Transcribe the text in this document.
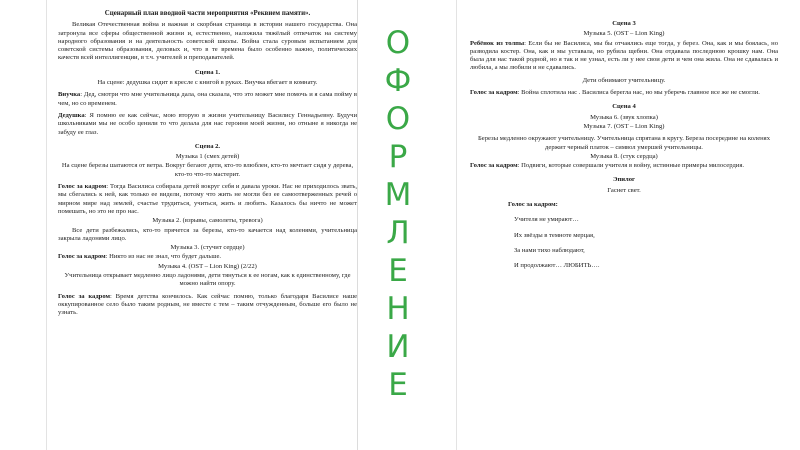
Сценарный план вводной части мероприятия «Реквием памяти».

Великая Отечественная война и важная и скорбная страница в истории нашего государства. Она затронула все сферы общественной жизни и, естественно, наложила тяжёлый отпечаток на систему народного образования и на деятельность советской школы. Война стала суровым испытанием для советской системы образования, деловых и, что в те времена было особенно важно, политических качеств всей интеллигенции, в т.ч. учителей и преподавателей.

Сцена 1.

На сцене: дедушка сидит в кресле с книгой в руках. Внучка вбегает в комнату.

Внучка: Дед, смотри что мне учительница дала, она сказала, что это может мне помочь и я сама пойму в чем, но со временем.

Дедушка: Я помню ее как сейчас, мою вторую в жизни учительницу Василису Геннадьевну. Будучи школьниками мы не особо ценили то что делала для нас героиня моей жизни, но отныне я никогда не забуду ее глаз.

Сцена 2.

Музыка 1 (смех детей)

На сцене березы шатаются от ветра. Вокруг бегают дети, кто-то влюблен, кто-то мечтает сидя у дерева, кто-то что-то мастерит.

Голос за кадром: Тогда Василиса собирала детей вокруг себя и давала уроки. Нас не приходилось звать, мы сбегались к ней, как только ее видели, потому что жить не могли без ее самоотверженных речей о мирном мире над землей, счастье трудиться, учиться, жить и любить. Казалось бы ничто не может помешать, но это не про нас.

Музыка 2. (взрывы, самолеты, тревога)

Все дети разбежались, кто-то прячется за березы, кто-то качается над коленями, учительница закрыла ладонями лицо.

Музыка 3. (стучит сердце)

Голос за кадром: Никто из нас не знал, что будет дальше.

Музыка 4. (OST – Lion King) (2/22)

Учительница открывает медленно лицо ладонями, дети тянуться к ее ногам, как к единственному, где можно найти опору.

Голос за кадром: Время детства кончилось. Как сейчас помню, только благодаря Василисе наше оккупированное село было таким родным, не вместе с тем – таким отчужденным, больше его было не узнать.

О
Ф
О
Р
М
Л
Е
Н
И
Е

Сцена 3

Музыка 5. (OST – Lion King)

Ребёнок из толпы: Если бы не Василиса, мы бы отчаялись еще тогда, у берез. Она, как и мы боялась, но разводила костер. Она, как и мы уставала, но рубила щебни. Она отдавала последнюю крошку нам. Она была для нас такой родной, но я так и не узнал, есть ли у нее свои дети и чем она жила. Она не сдавалась и любила, а мы любили и не сдавались.

Дети обнимают учительницу.

Голос за кадром: Война сплотила нас . Василиса берегла нас, но мы уберечь главное все же не смогли.

Сцена 4

Музыка 6. (звук хлопка)

Музыка 7. (OST – Lion King)

Березы медленно окружают учительницу. Учительница спрятана в кругу. Береза посередине на коленях держит черный платок – символ умершей учительницы.

Музыка 8. (стук сердца)

Голос за кадром: Подвиги, которые совершали учителя в войну, истинные примеры милосердия.

Эпилог

Гаснет свет.

Голос за кадром:

Учителя не умирают…

Их звёзды в темноте мерцая,

За нами тихо наблюдают,

И продолжают… ЛЮБИТЬ….
